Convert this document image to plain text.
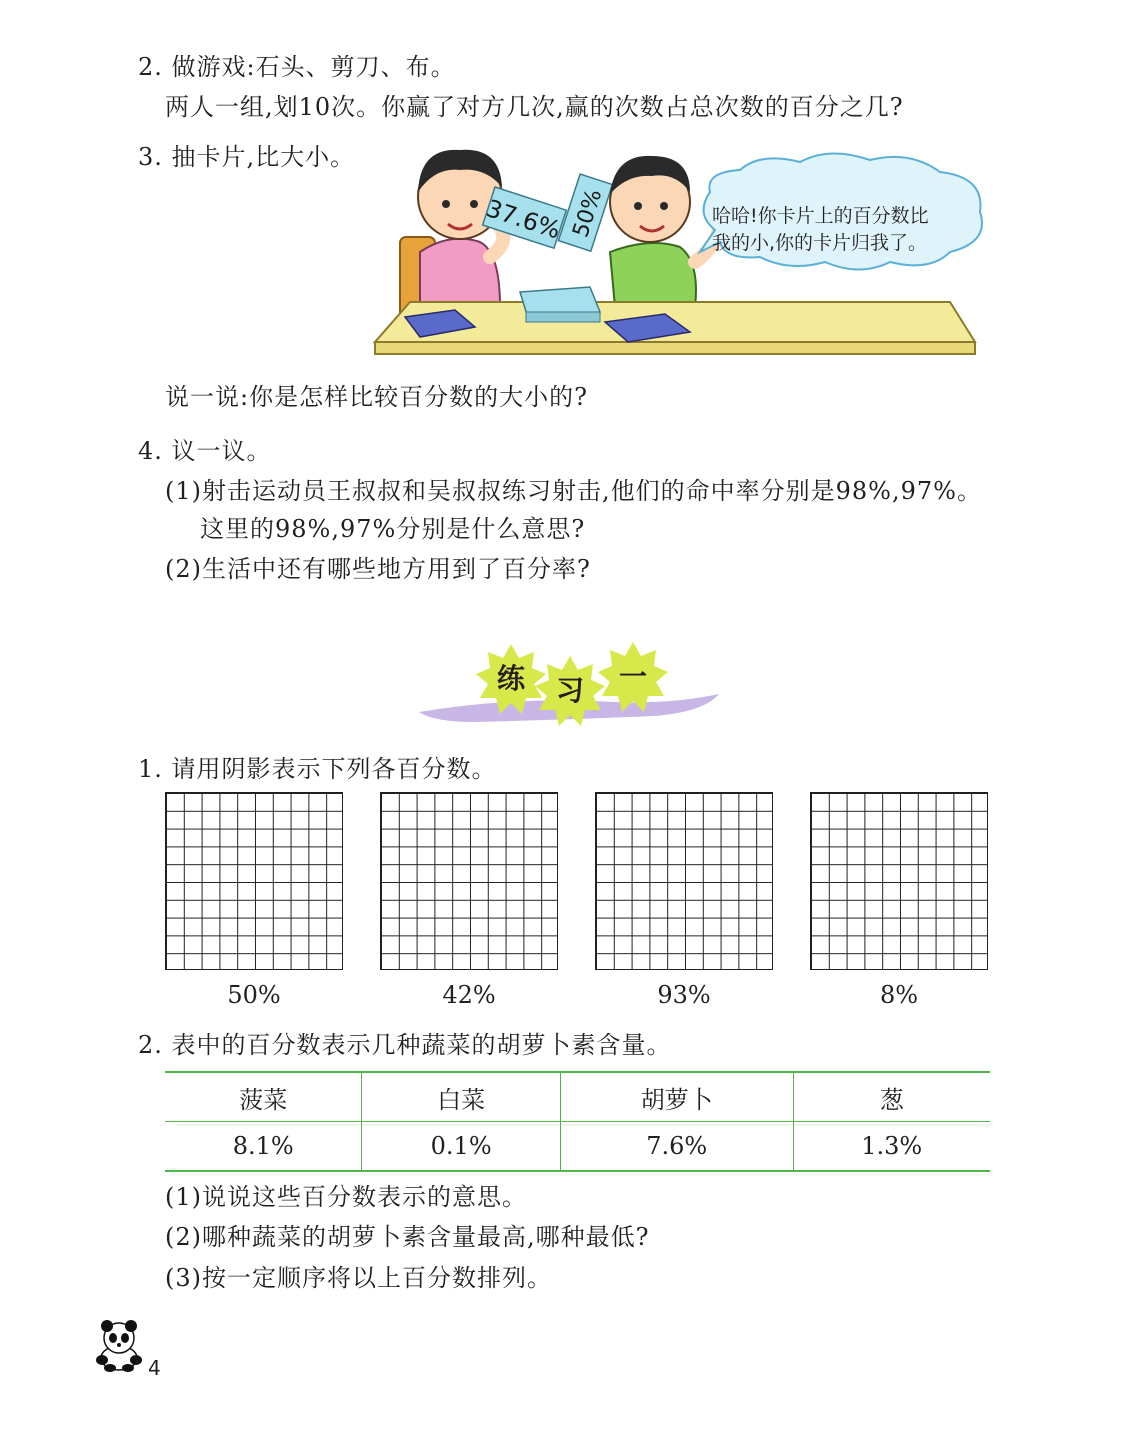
2. 做游戏:石头、剪刀、布。
两人一组,划10次。你赢了对方几次,赢的次数占总次数的百分之几?
3. 抽卡片,比大小。
37.6% 50%	哈哈!你卡片上的百分数比
我的小,你的卡片归我了。
说一说:你是怎样比较百分数的大小的?
4. 议一议。
(1)射击运动员王叔叔和吴叔叔练习射击,他们的命中率分别是98%,97%。
这里的98%,97%分别是什么意思?
(2)生活中还有哪些地方用到了百分率?
练	习	一
1. 请用阴影表示下列各百分数。
50%	42%	93%	8%
2. 表中的百分数表示几种蔬菜的胡萝卜素含量。
菠菜	白菜	胡萝卜	葱
8.1%	0.1%	7.6%	1.3%
(1)说说这些百分数表示的意思。
(2)哪种蔬菜的胡萝卜素含量最高,哪种最低?
(3)按一定顺序将以上百分数排列。
4
